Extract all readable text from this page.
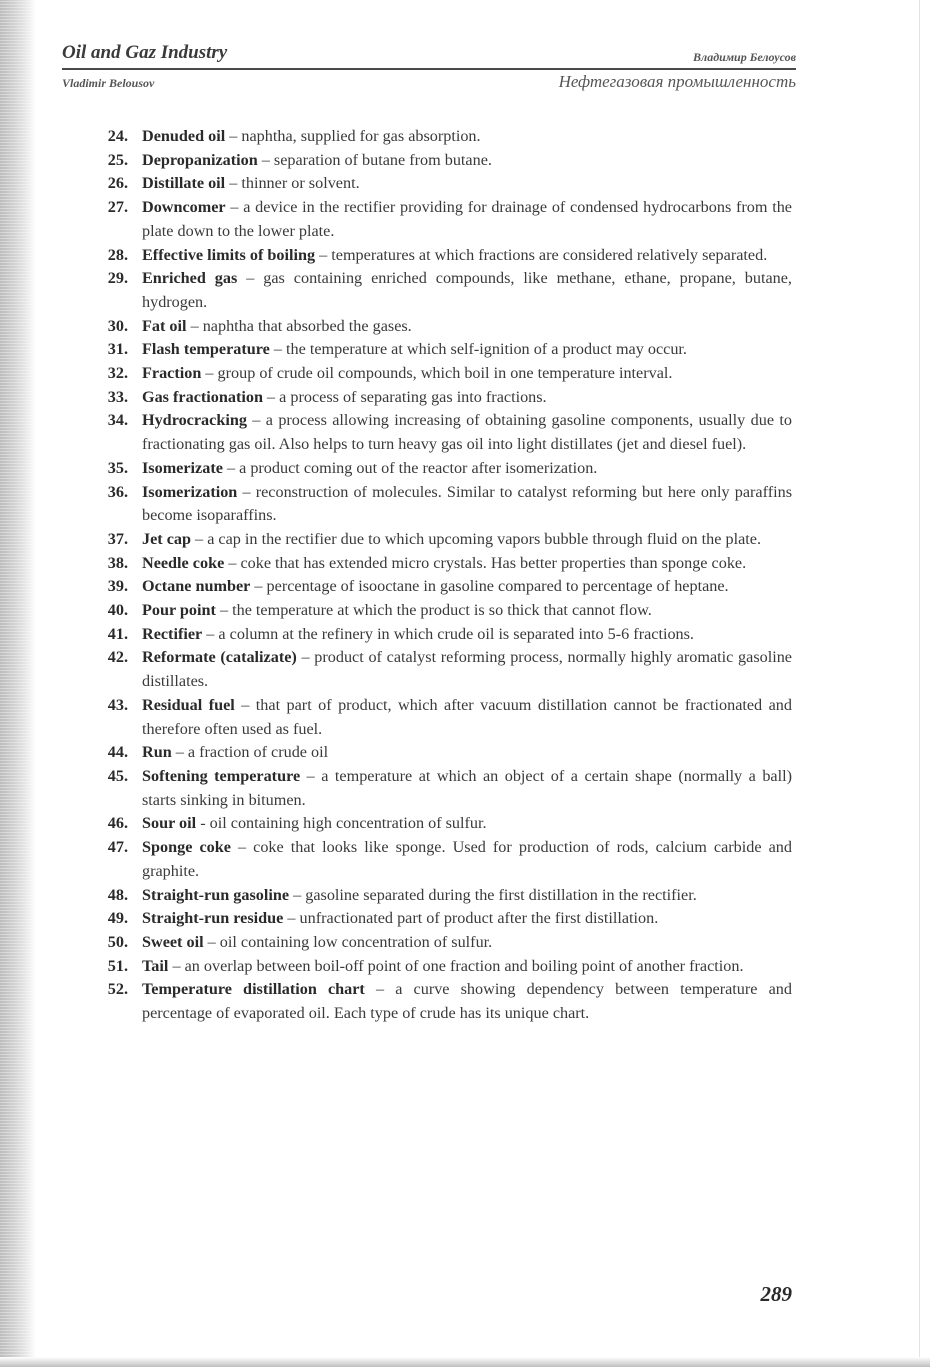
Oil and Gaz Industry	Владимир Белоусов
Vladimir Belousov	Нефтегазовая промышленность
24. Denuded oil – naphtha, supplied for gas absorption.
25. Depropanization – separation of butane from butane.
26. Distillate oil – thinner or solvent.
27. Downcomer – a device in the rectifier providing for drainage of condensed hydrocarbons from the plate down to the lower plate.
28. Effective limits of boiling – temperatures at which fractions are considered relatively separated.
29. Enriched gas – gas containing enriched compounds, like methane, ethane, propane, butane, hydrogen.
30. Fat oil – naphtha that absorbed the gases.
31. Flash temperature – the temperature at which self-ignition of a product may occur.
32. Fraction – group of crude oil compounds, which boil in one temperature interval.
33. Gas fractionation – a process of separating gas into fractions.
34. Hydrocracking – a process allowing increasing of obtaining gasoline components, usually due to fractionating gas oil. Also helps to turn heavy gas oil into light distillates (jet and diesel fuel).
35. Isomerizate – a product coming out of the reactor after isomerization.
36. Isomerization – reconstruction of molecules. Similar to catalyst reforming but here only paraffins become isoparaffins.
37. Jet cap – a cap in the rectifier due to which upcoming vapors bubble through fluid on the plate.
38. Needle coke – coke that has extended micro crystals. Has better properties than sponge coke.
39. Octane number – percentage of isooctane in gasoline compared to percentage of heptane.
40. Pour point – the temperature at which the product is so thick that cannot flow.
41. Rectifier – a column at the refinery in which crude oil is separated into 5-6 fractions.
42. Reformate (catalizate) – product of catalyst reforming process, normally highly aromatic gasoline distillates.
43. Residual fuel – that part of product, which after vacuum distillation cannot be fractionated and therefore often used as fuel.
44. Run – a fraction of crude oil
45. Softening temperature – a temperature at which an object of a certain shape (normally a ball) starts sinking in bitumen.
46. Sour oil - oil containing high concentration of sulfur.
47. Sponge coke – coke that looks like sponge. Used for production of rods, calcium carbide and graphite.
48. Straight-run gasoline – gasoline separated during the first distillation in the rectifier.
49. Straight-run residue – unfractionated part of product after the first distillation.
50. Sweet oil – oil containing low concentration of sulfur.
51. Tail – an overlap between boil-off point of one fraction and boiling point of another fraction.
52. Temperature distillation chart – a curve showing dependency between temperature and percentage of evaporated oil. Each type of crude has its unique chart.
289
